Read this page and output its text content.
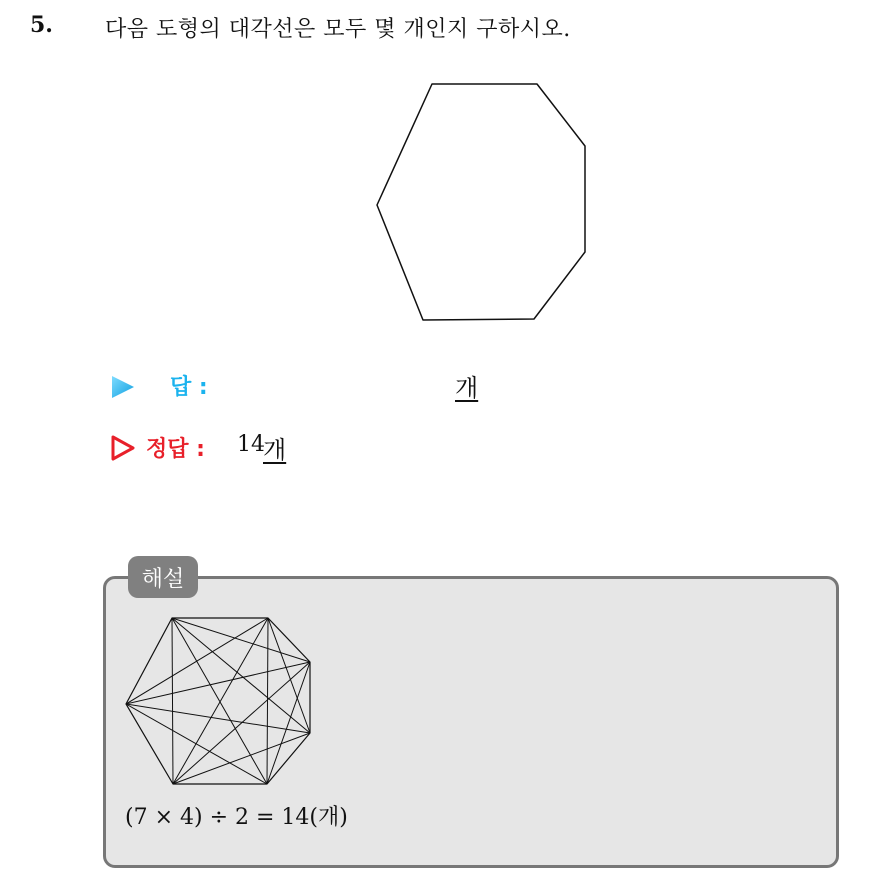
5. 다음 도형의 대각선은 모두 몇 개인지 구하시오.
답 :	개
정답 : 14
개
해설
(7 × 4) ÷ 2 = 14(개)
